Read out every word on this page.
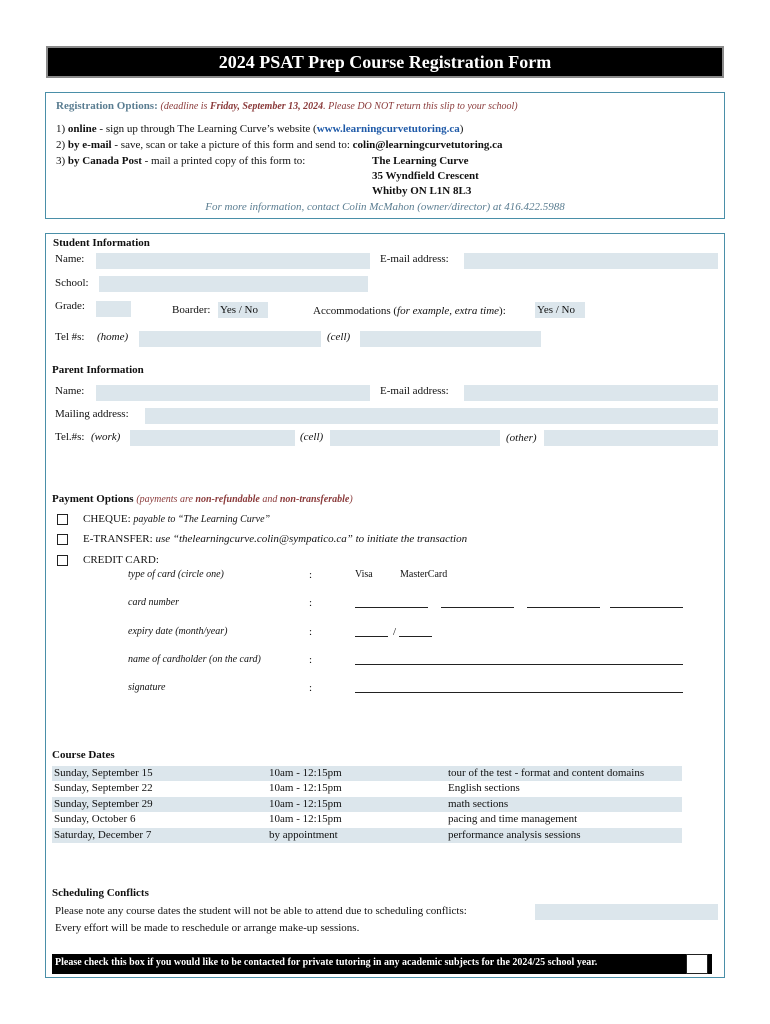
2024 PSAT Prep Course Registration Form
Registration Options: (deadline is Friday, September 13, 2024. Please DO NOT return this slip to your school)
1) online - sign up through The Learning Curve’s website (www.learningcurvetutoring.ca)
2) by e-mail - save, scan or take a picture of this form and send to: colin@learningcurvetutoring.ca
3) by Canada Post - mail a printed copy of this form to:	The Learning Curve
35 Wyndfield Crescent
Whitby ON L1N 8L3
For more information, contact Colin McMahon (owner/director) at 416.422.5988
Student Information
Name:	E-mail address:
School:
Grade:	Boarder: Yes / No	Accommodations (for example, extra time):	Yes / No
Tel #s: (home)	(cell)
Parent Information
Name:	E-mail address:
Mailing address:
Tel.#s: (work)	(cell)	(other)
Payment Options (payments are non-refundable and non-transferable)
CHEQUE: payable to “The Learning Curve”
E-TRANSFER: use “thelearningcurve.colin@sympatico.ca” to initiate the transaction
CREDIT CARD:
type of card (circle one)	:	Visa	MasterCard
card number	:
expiry date (month/year)	:	/
name of cardholder (on the card)	:
signature	:
Course Dates
Sunday, September 15	10am - 12:15pm	tour of the test - format and content domains
Sunday, September 22	10am - 12:15pm	English sections
Sunday, September 29	10am - 12:15pm	math sections
Sunday, October 6	10am - 12:15pm	pacing and time management
Saturday, December 7	by appointment	performance analysis sessions
Scheduling Conflicts
Please note any course dates the student will not be able to attend due to scheduling conflicts:
Every effort will be made to reschedule or arrange make-up sessions.
Please check this box if you would like to be contacted for private tutoring in any academic subjects for the 2024/25 school year.
